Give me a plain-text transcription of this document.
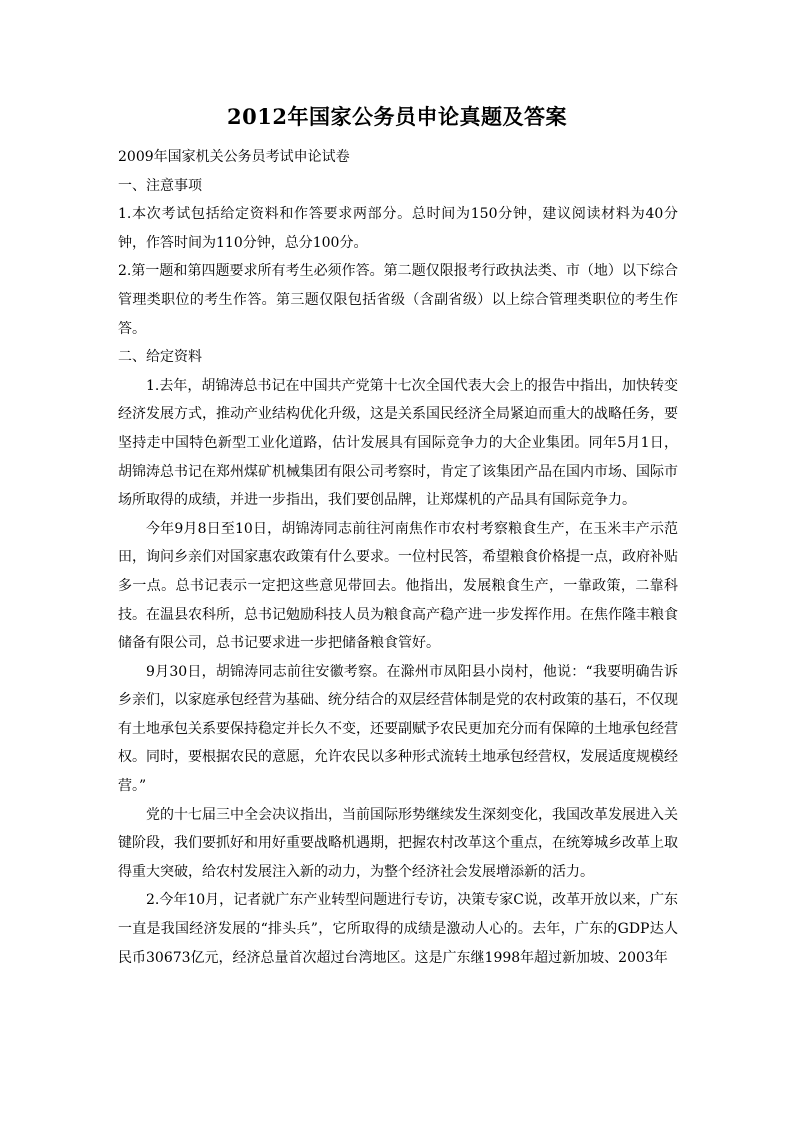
2012年国家公务员申论真题及答案

2009年国家机关公务员考试申论试卷

一、注意事项

1.本次考试包括给定资料和作答要求两部分。总时间为150分钟，建议阅读材料为40分钟，作答时间为110分钟，总分100分。

2.第一题和第四题要求所有考生必须作答。第二题仅限报考行政执法类、市（地）以下综合管理类职位的考生作答。第三题仅限包括省级（含副省级）以上综合管理类职位的考生作答。

二、给定资料

1.去年，胡锦涛总书记在中国共产党第十七次全国代表大会上的报告中指出，加快转变经济发展方式，推动产业结构优化升级，这是关系国民经济全局紧迫而重大的战略任务，要坚持走中国特色新型工业化道路，估计发展具有国际竞争力的大企业集团。同年5月1日，胡锦涛总书记在郑州煤矿机械集团有限公司考察时，肯定了该集团产品在国内市场、国际市场所取得的成绩，并进一步指出，我们要创品牌，让郑煤机的产品具有国际竞争力。

今年9月8日至10日，胡锦涛同志前往河南焦作市农村考察粮食生产，在玉米丰产示范田，询问乡亲们对国家惠农政策有什么要求。一位村民答，希望粮食价格提一点，政府补贴多一点。总书记表示一定把这些意见带回去。他指出，发展粮食生产，一靠政策，二靠科技。在温县农科所，总书记勉励科技人员为粮食高产稳产进一步发挥作用。在焦作隆丰粮食储备有限公司，总书记要求进一步把储备粮食管好。

9月30日，胡锦涛同志前往安徽考察。在滁州市凤阳县小岗村，他说：“我要明确告诉乡亲们，以家庭承包经营为基础、统分结合的双层经营体制是党的农村政策的基石，不仅现有土地承包关系要保持稳定并长久不变，还要副赋予农民更加充分而有保障的土地承包经营权。同时，要根据农民的意愿，允许农民以多种形式流转土地承包经营权，发展适度规模经营。”

党的十七届三中全会决议指出，当前国际形势继续发生深刻变化，我国改革发展进入关键阶段，我们要抓好和用好重要战略机遇期，把握农村改革这个重点，在统筹城乡改革上取得重大突破，给农村发展注入新的动力，为整个经济社会发展增添新的活力。

2.今年10月，记者就广东产业转型问题进行专访，决策专家C说，改革开放以来，广东一直是我国经济发展的“排头兵”，它所取得的成绩是激动人心的。去年，广东的GDP达人民币30673亿元，经济总量首次超过台湾地区。这是广东继1998年超过新加坡、2003年
